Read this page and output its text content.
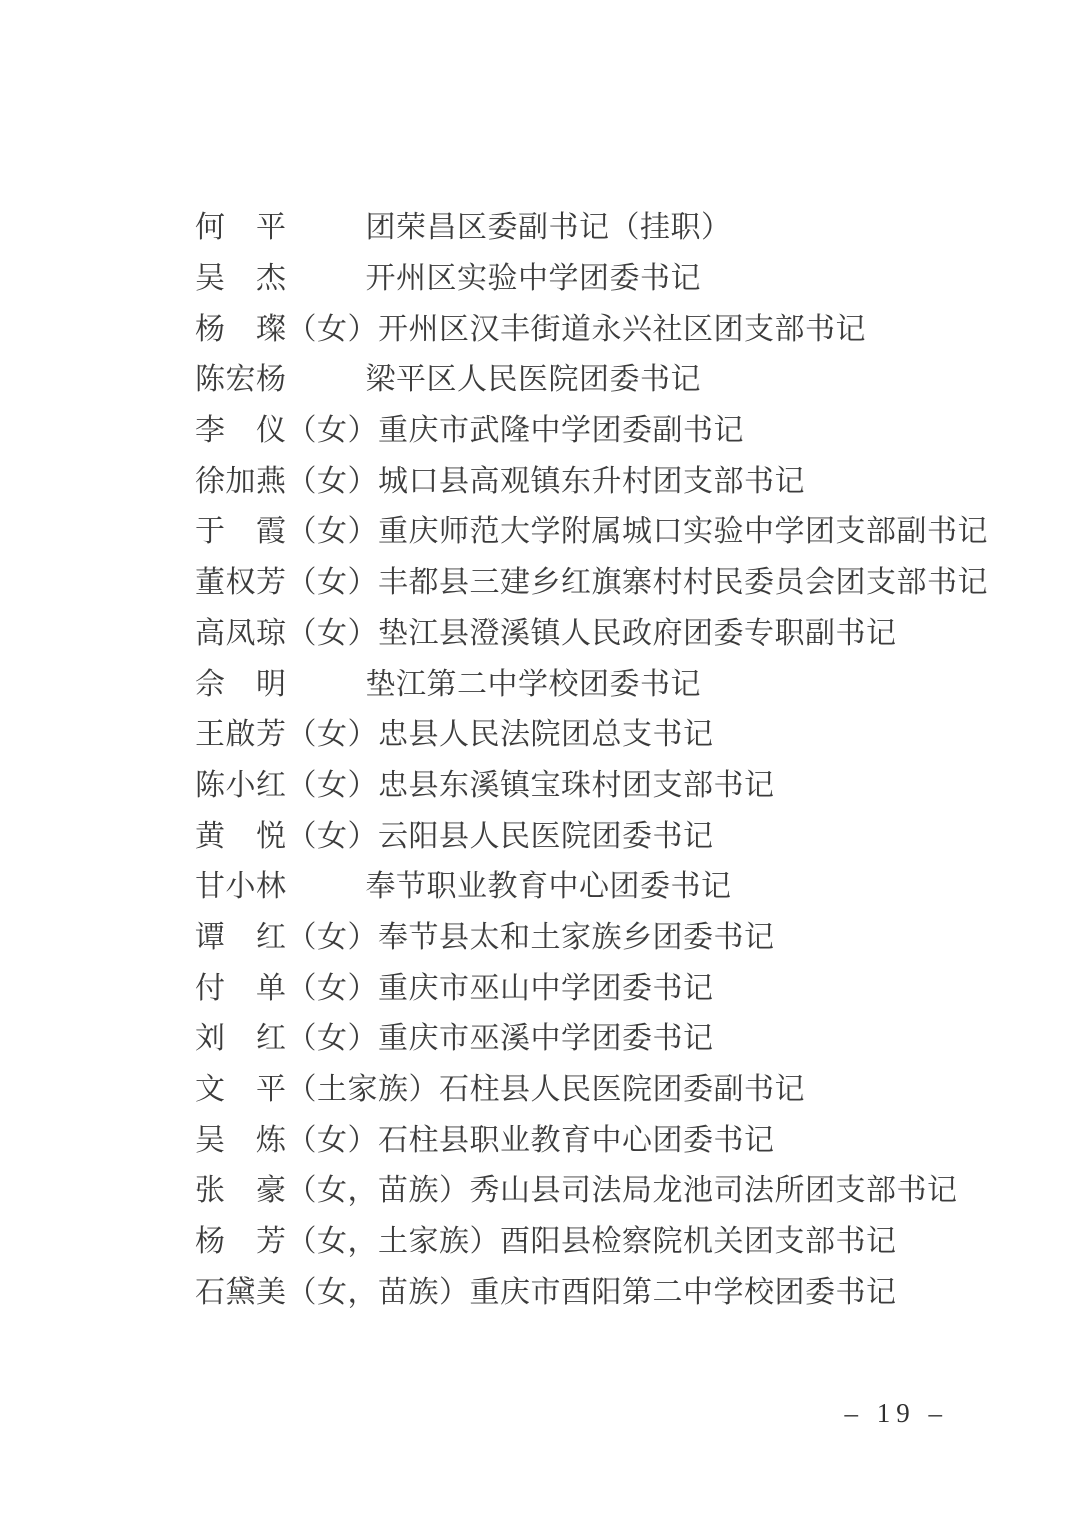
何　平	团荣昌区委副书记（挂职）
吴　杰	开州区实验中学团委书记
杨　璨 （女） 开州区汉丰街道永兴社区团支部书记
陈宏杨	梁平区人民医院团委书记
李　仪 （女） 重庆市武隆中学团委副书记
徐加燕 （女） 城口县高观镇东升村团支部书记
于　霞 （女） 重庆师范大学附属城口实验中学团支部副书记
董权芳 （女） 丰都县三建乡红旗寨村村民委员会团支部书记
高凤琼 （女） 垫江县澄溪镇人民政府团委专职副书记
佘　明	垫江第二中学校团委书记
王啟芳 （女） 忠县人民法院团总支书记
陈小红 （女） 忠县东溪镇宝珠村团支部书记
黄　悦 （女） 云阳县人民医院团委书记
甘小林	奉节职业教育中心团委书记
谭　红 （女） 奉节县太和土家族乡团委书记
付　单 （女） 重庆市巫山中学团委书记
刘　红 （女） 重庆市巫溪中学团委书记
文　平 （土家族） 石柱县人民医院团委副书记
吴　炼 （女） 石柱县职业教育中心团委书记
张　豪 （女，苗族） 秀山县司法局龙池司法所团支部书记
杨　芳 （女，土家族） 酉阳县检察院机关团支部书记
石黛美 （女，苗族） 重庆市酉阳第二中学校团委书记
– 19 –
